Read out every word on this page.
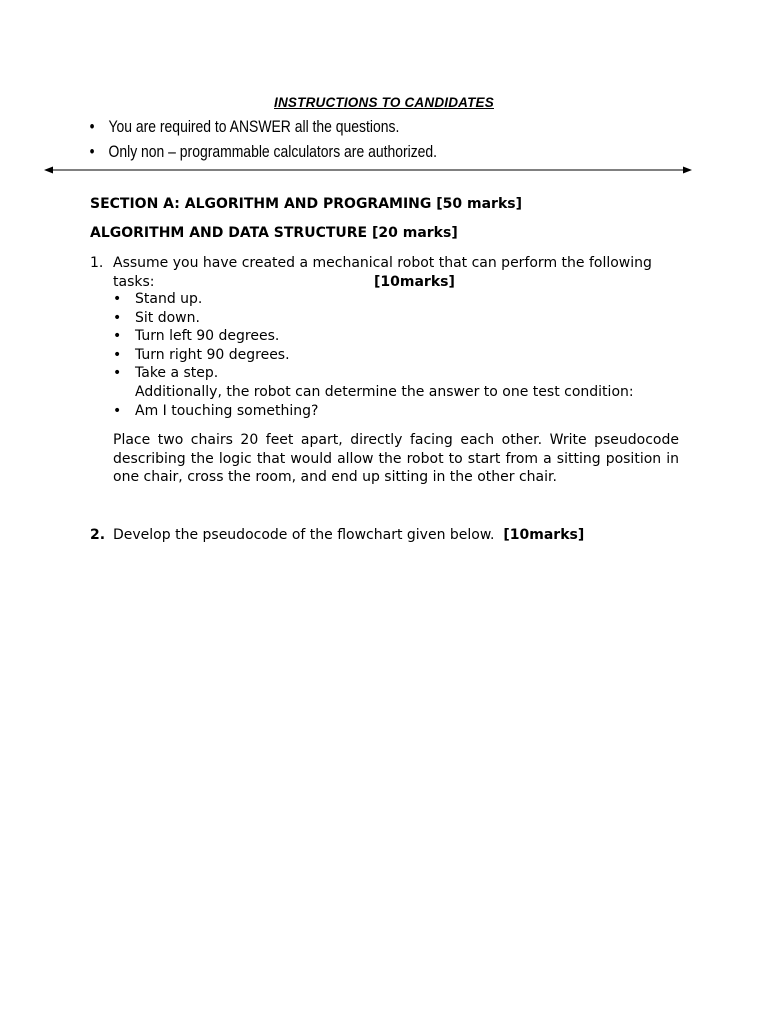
INSTRUCTIONS TO CANDIDATES
• You are required to ANSWER all the questions.
• Only non – programmable calculators are authorized.
SECTION A: ALGORITHM AND PROGRAMING [50 marks]
ALGORITHM AND DATA STRUCTURE [20 marks]
1. Assume you have created a mechanical robot that can perform the following
tasks:	[10marks]
• Stand up.
• Sit down.
• Turn left 90 degrees.
• Turn right 90 degrees.
• Take a step.
Additionally, the robot can determine the answer to one test condition:
• Am I touching something?
Place two chairs 20 feet apart, directly facing each other. Write pseudocode describing the logic that would allow the robot to start from a sitting position in one chair, cross the room, and end up sitting in the other chair.
2. Develop the pseudocode of the flowchart given below. [10marks]
